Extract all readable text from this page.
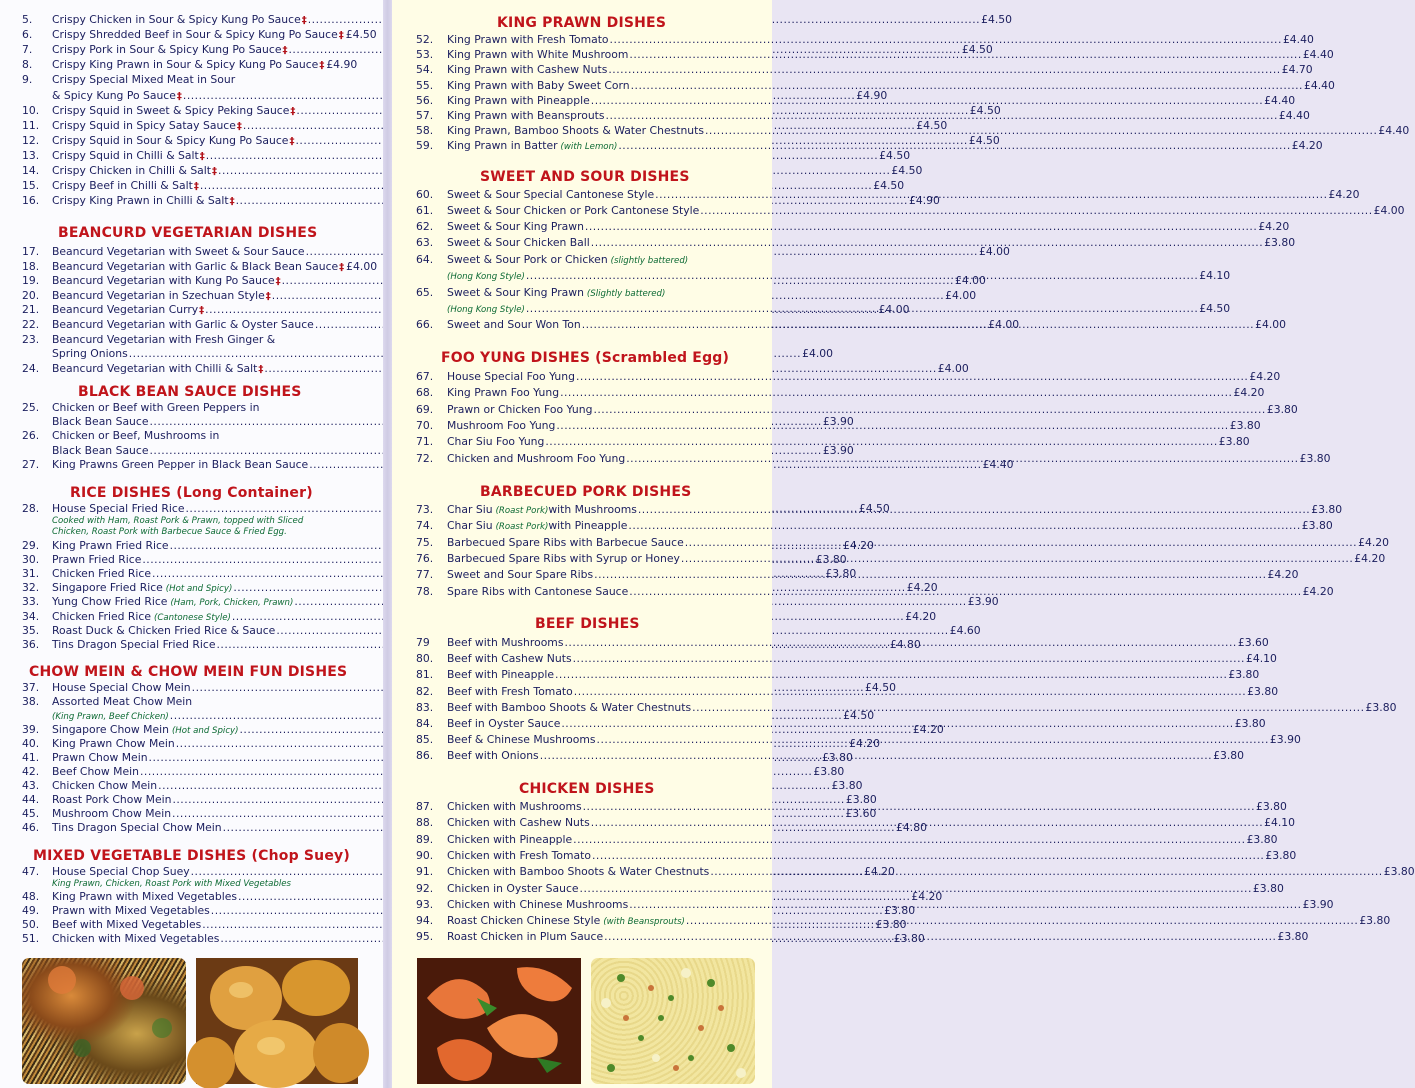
5. Crispy Chicken in Sour & Spicy Kung Po Sauce ‡ .....	£4.50
6. Crispy Shredded Beef in Sour & Spicy Kung Po Sauce ‡ £4.50
7. Crispy Pork in Sour & Spicy Kung Po Sauce ‡ .....	£4.50
8. Crispy King Prawn in Sour & Spicy Kung Po Sauce ‡ £4.90
9. Crispy Special Mixed Meat in Sour
& Spicy Kung Po Sauce ‡ .....	£4.90
10. Crispy Squid in Sweet & Spicy Peking Sauce ‡ .....	£4.50
11. Crispy Squid in Spicy Satay Sauce ‡ .....	£4.50
12. Crispy Squid in Sour & Spicy Kung Po Sauce ‡ .....	£4.50
13. Crispy Squid in Chilli & Salt ‡ .....	£4.50
14. Crispy Chicken in Chilli & Salt ‡ .....	£4.50
15. Crispy Beef in Chilli & Salt ‡ .....	£4.50
16. Crispy King Prawn in Chilli & Salt ‡ .....	£4.90
BEANCURD VEGETARIAN DISHES
17. Beancurd Vegetarian with Sweet & Sour Sauce .....	£4.00
18. Beancurd Vegetarian with Garlic & Black Bean Sauce ‡ £4.00
19. Beancurd Vegetarian with Kung Po Sauce ‡ .....	£4.00
20. Beancurd Vegetarian in Szechuan Style ‡ .....	£4.00
21. Beancurd Vegetarian Curry ‡ .....	£4.00
22. Beancurd Vegetarian with Garlic & Oyster Sauce .....	£4.00
23. Beancurd Vegetarian with Fresh Ginger &
Spring Onions .....	£4.00
24. Beancurd Vegetarian with Chilli & Salt ‡ .....	£4.00
BLACK BEAN SAUCE DISHES
25. Chicken or Beef with Green Peppers in
Black Bean Sauce .....	£3.90
26. Chicken or Beef, Mushrooms in
Black Bean Sauce .....	£3.90
27. King Prawns Green Pepper in Black Bean Sauce .....	£4.40
RICE DISHES (Long Container)
28. House Special Fried Rice .....	£4.50
Cooked with Ham, Roast Pork & Prawn, topped with Sliced
Chicken, Roast Pork with Barbecue Sauce & Fried Egg.
29. King Prawn Fried Rice .....	£4.20
30. Prawn Fried Rice .....	£3.80
31. Chicken Fried Rice .....	£3.80
32. Singapore Fried Rice (Hot and Spicy) .....	£4.20
33. Yung Chow Fried Rice (Ham, Pork, Chicken, Prawn) .....	£3.90
34. Chicken Fried Rice (Cantonese Style) .....	£4.20
35. Roast Duck & Chicken Fried Rice & Sauce .....	£4.60
36. Tins Dragon Special Fried Rice .....	£4.80
CHOW MEIN & CHOW MEIN FUN DISHES
37. House Special Chow Mein .....	£4.50
38. Assorted Meat Chow Mein
(King Prawn, Beef Chicken) .....	£4.50
39. Singapore Chow Mein (Hot and Spicy) .....	£4.20
40. King Prawn Chow Mein .....	£4.20
41. Prawn Chow Mein .....	£3.80
42. Beef Chow Mein .....	£3.80
43. Chicken Chow Mein .....	£3.80
44. Roast Pork Chow Mein .....	£3.80
45. Mushroom Chow Mein .....	£3.60
46. Tins Dragon Special Chow Mein .....	£4.80
MIXED VEGETABLE DISHES (Chop Suey)
47. House Special Chop Suey .....	£4.20
King Prawn, Chicken, Roast Pork with Mixed Vegetables
48. King Prawn with Mixed Vegetables .....	£4.20
49. Prawn with Mixed Vegetables .....	£3.80
50. Beef with Mixed Vegetables .....	£3.80
51. Chicken with Mixed Vegetables .....	£3.80
KING PRAWN DISHES
52. King Prawn with Fresh Tomato .....	£4.40
53. King Prawn with White Mushroom .....	£4.40
54. King Prawn with Cashew Nuts .....	£4.70
55. King Prawn with Baby Sweet Corn .....	£4.40
56. King Prawn with Pineapple .....	£4.40
57. King Prawn with Beansprouts .....	£4.40
58. King Prawn, Bamboo Shoots & Water Chestnuts .....	£4.40
59. King Prawn in Batter (with Lemon) .....	£4.20
SWEET AND SOUR DISHES
60. Sweet & Sour Special Cantonese Style .....	£4.20
61. Sweet & Sour Chicken or Pork Cantonese Style .....	£4.00
62. Sweet & Sour King Prawn .....	£4.20
63. Sweet & Sour Chicken Ball .....	£3.80
64. Sweet & Sour Pork or Chicken (slightly battered)
(Hong Kong Style) .....	£4.10
65. Sweet & Sour King Prawn (Slightly battered)
(Hong Kong Style) .....	£4.50
66. Sweet and Sour Won Ton .....	£4.00
FOO YUNG DISHES (Scrambled Egg)
67. House Special Foo Yung .....	£4.20
68. King Prawn Foo Yung .....	£4.20
69. Prawn or Chicken Foo Yung .....	£3.80
70. Mushroom Foo Yung .....	£3.80
71. Char Siu Foo Yung .....	£3.80
72. Chicken and Mushroom Foo Yung .....	£3.80
BARBECUED PORK DISHES
73. Char Siu (Roast Pork) with Mushrooms .....	£3.80
74. Char Siu (Roast Pork) with Pineapple .....	£3.80
75. Barbecued Spare Ribs with Barbecue Sauce .....	£4.20
76. Barbecued Spare Ribs with Syrup or Honey .....	£4.20
77. Sweet and Sour Spare Ribs .....	£4.20
78. Spare Ribs with Cantonese Sauce .....	£4.20
BEEF DISHES
79 Beef with Mushrooms .....	£3.60
80. Beef with Cashew Nuts .....	£4.10
81. Beef with Pineapple .....	£3.80
82. Beef with Fresh Tomato .....	£3.80
83. Beef with Bamboo Shoots & Water Chestnuts .....	£3.80
84. Beef in Oyster Sauce .....	£3.80
85. Beef & Chinese Mushrooms .....	£3.90
86. Beef with Onions .....	£3.80
CHICKEN DISHES
87. Chicken with Mushrooms .....	£3.80
88. Chicken with Cashew Nuts .....	£4.10
89. Chicken with Pineapple .....	£3.80
90. Chicken with Fresh Tomato .....	£3.80
91. Chicken with Bamboo Shoots & Water Chestnuts .....	£3.80
92. Chicken in Oyster Sauce .....	£3.80
93. Chicken with Chinese Mushrooms .....	£3.90
94. Roast Chicken Chinese Style (with Beansprouts) .....	£3.80
95. Roast Chicken in Plum Sauce .....	£3.80
